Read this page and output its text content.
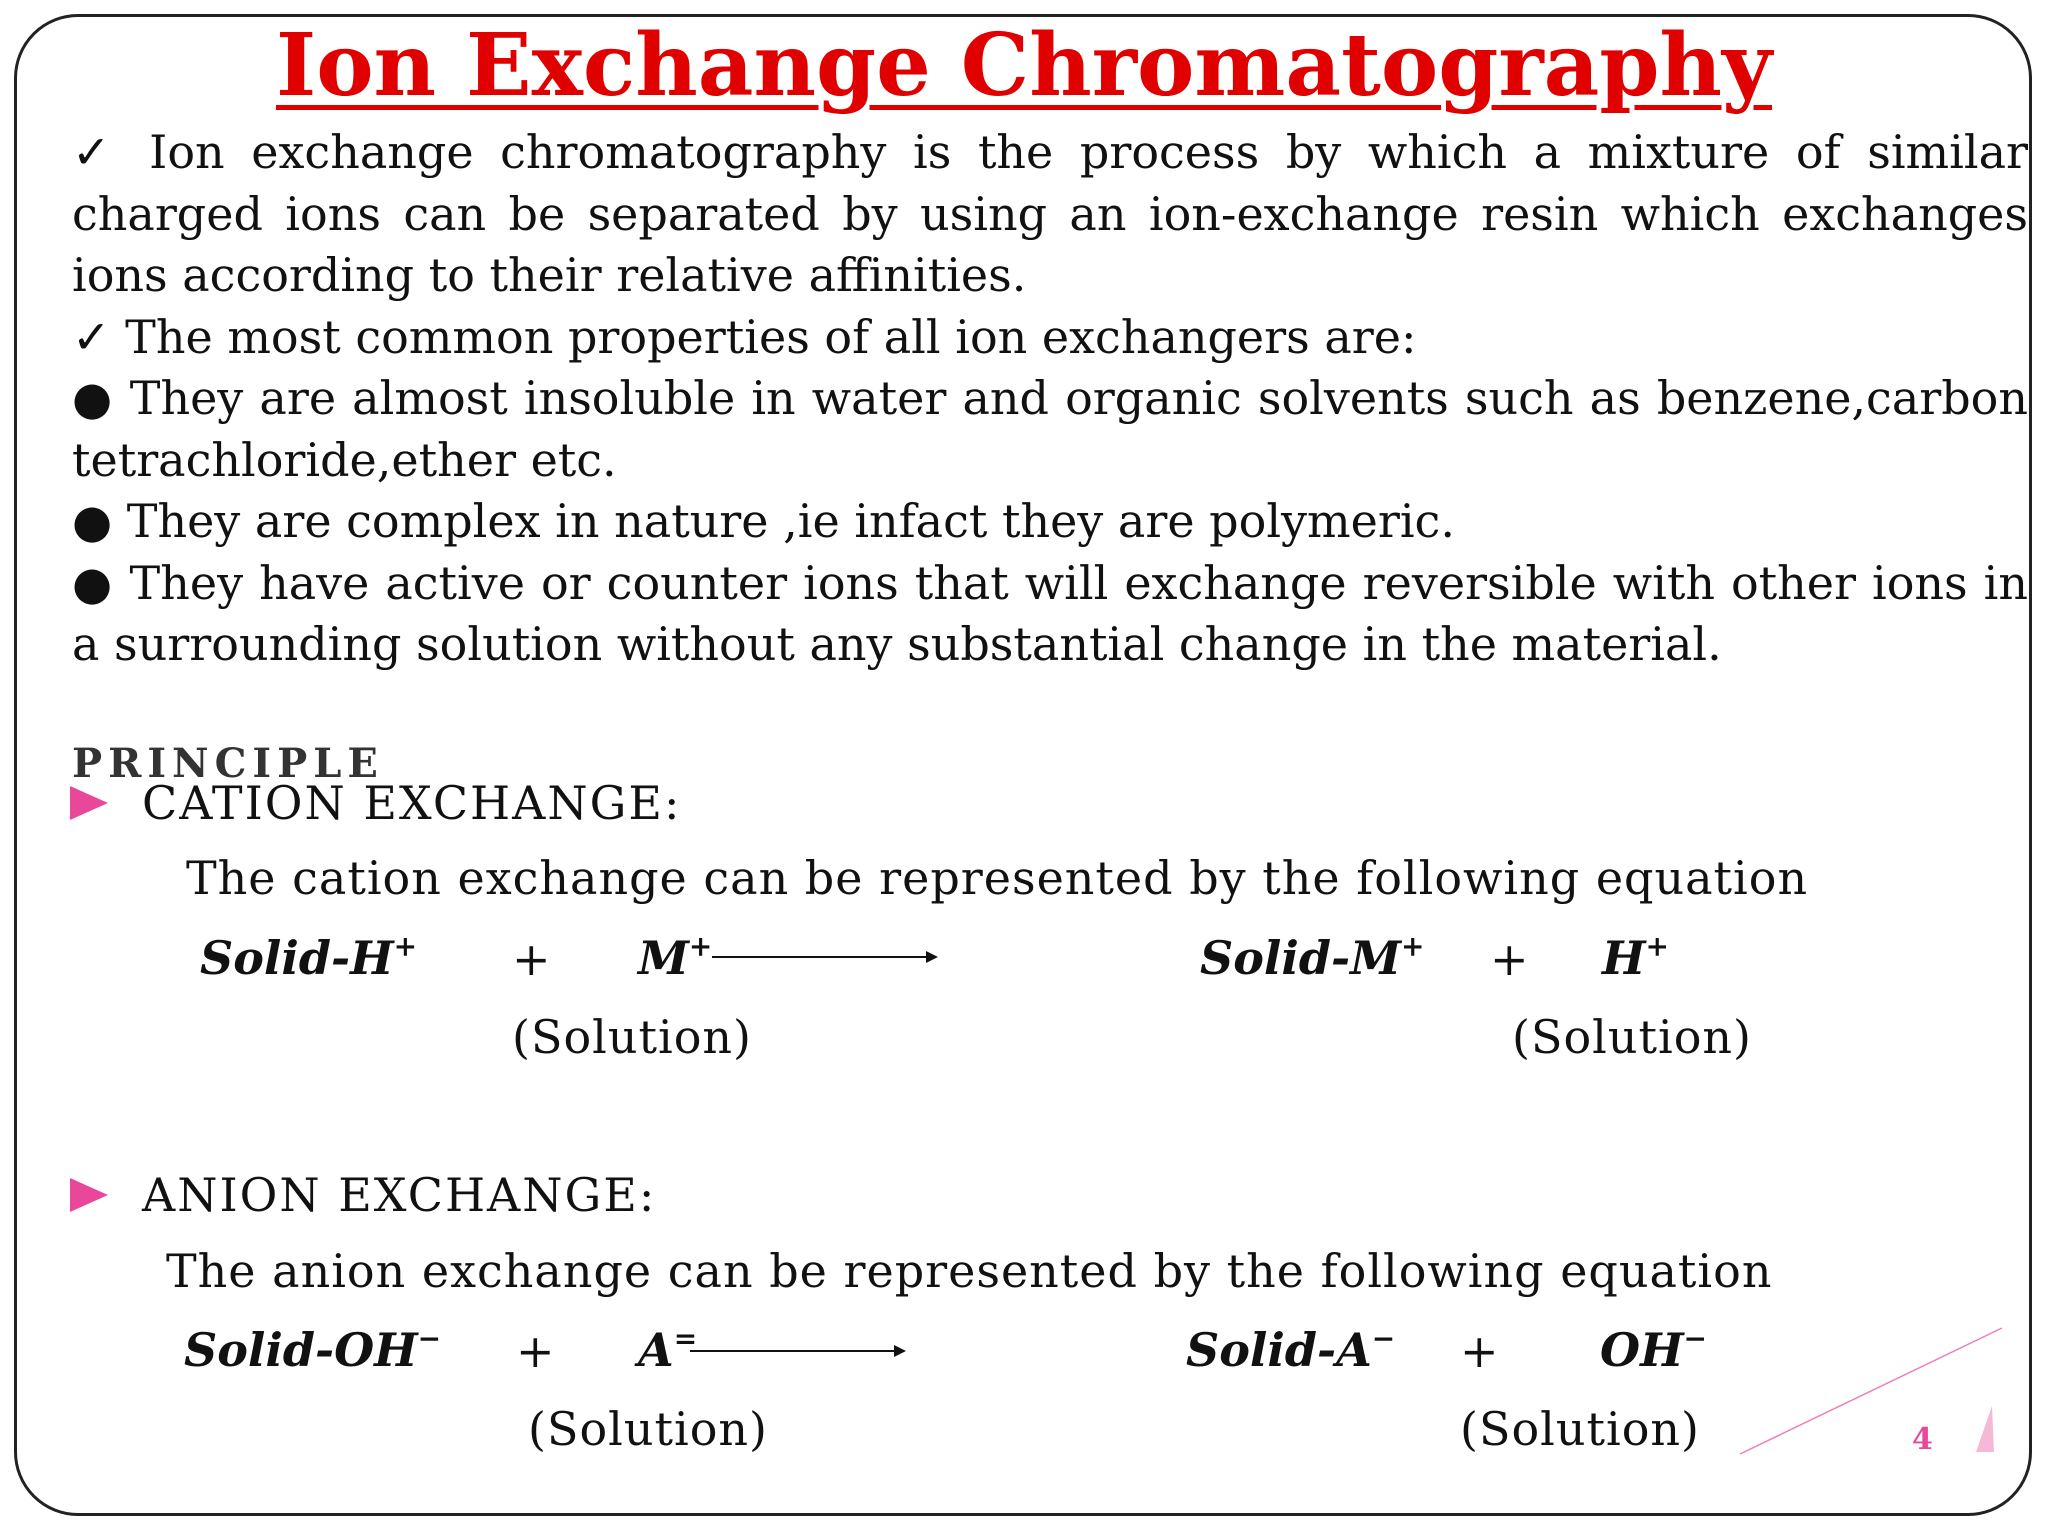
Ion Exchange Chromatography

✓ Ion exchange chromatography is the process by which a mixture of similar charged ions can be separated by using an ion-exchange resin which exchanges ions according to their relative affinities.

✓ The most common properties of all ion exchangers are:

● They are almost insoluble in water and organic solvents such as benzene,carbon tetrachloride,ether etc.

● They are complex in nature ,ie infact they are polymeric.

● They have active or counter ions that will exchange reversible with other ions in a surrounding solution without any substantial change in the material.

PRINCIPLE
CATION EXCHANGE:
The cation exchange can be represented by the following equation
Solid-H+ + M+	Solid-M+ + H+
(Solution)	(Solution)
ANION EXCHANGE:
The anion exchange can be represented by the following equation
Solid-OH− + A=	Solid-A− + OH−
(Solution)	(Solution)	4
